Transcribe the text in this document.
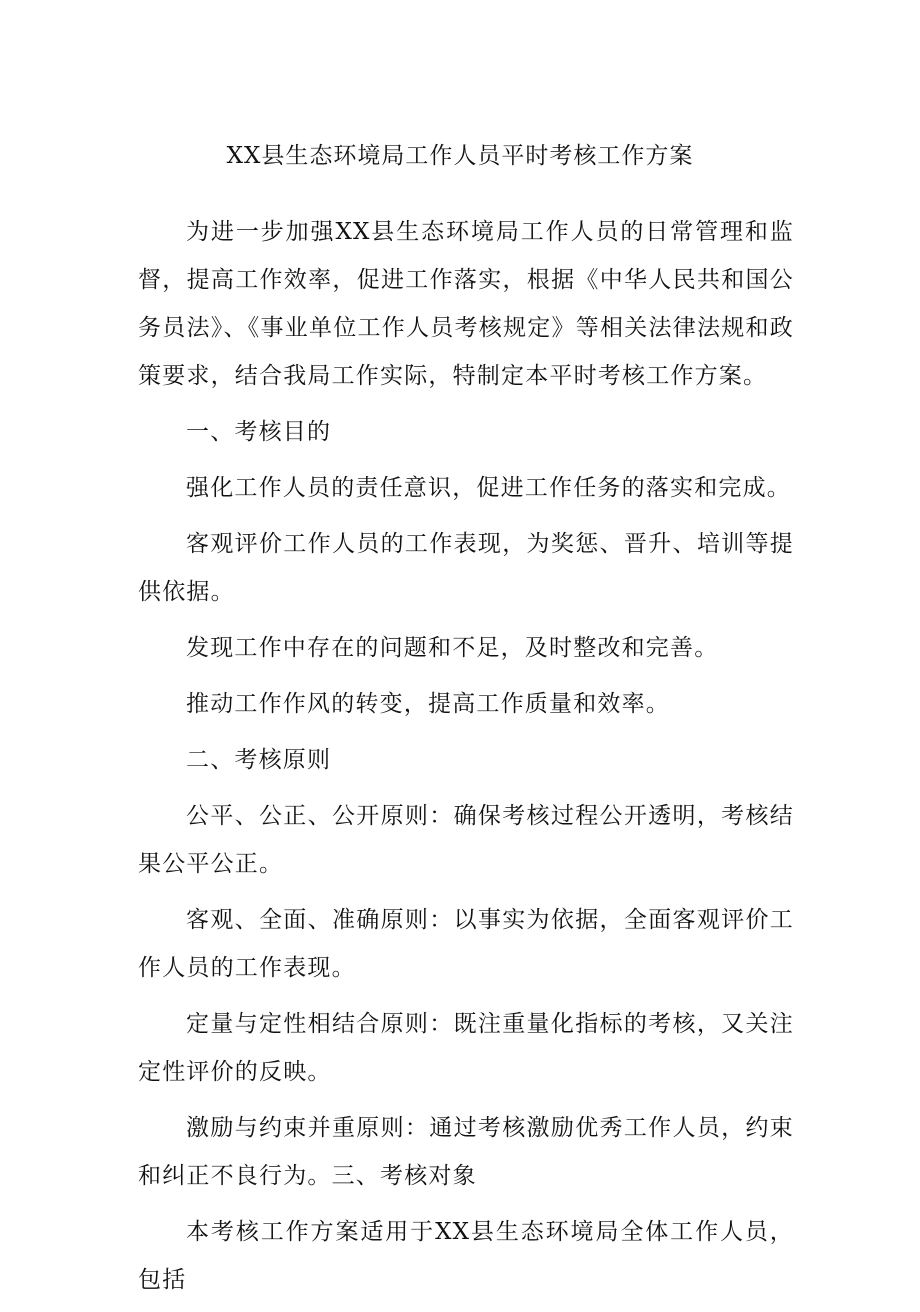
XX县生态环境局工作人员平时考核工作方案

为进一步加强XX县生态环境局工作人员的日常管理和监督，提高工作效率，促进工作落实，根据《中华人民共和国公务员法》、《事业单位工作人员考核规定》等相关法律法规和政策要求，结合我局工作实际，特制定本平时考核工作方案。

一、考核目的

强化工作人员的责任意识，促进工作任务的落实和完成。

客观评价工作人员的工作表现，为奖惩、晋升、培训等提供依据。

发现工作中存在的问题和不足，及时整改和完善。

推动工作作风的转变，提高工作质量和效率。

二、考核原则

公平、公正、公开原则：确保考核过程公开透明，考核结果公平公正。

客观、全面、准确原则：以事实为依据，全面客观评价工作人员的工作表现。

定量与定性相结合原则：既注重量化指标的考核，又关注定性评价的反映。

激励与约束并重原则：通过考核激励优秀工作人员，约束和纠正不良行为。三、考核对象

本考核工作方案适用于XX县生态环境局全体工作人员，包括
